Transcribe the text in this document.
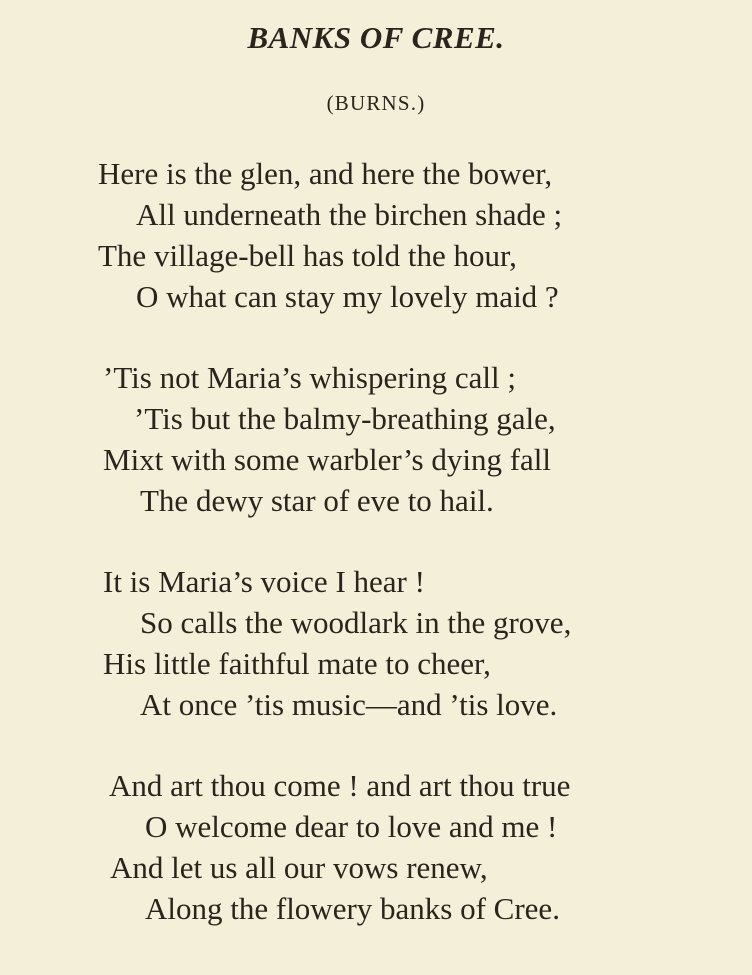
BANKS OF CREE.
(BURNS.)
Here is the glen, and here the bower,
All underneath the birchen shade ;
The village-bell has told the hour,
O what can stay my lovely maid ?
’Tis not Maria’s whispering call ;
’Tis but the balmy-breathing gale,
Mixt with some warbler’s dying fall
The dewy star of eve to hail.
It is Maria’s voice I hear !
So calls the woodlark in the grove,
His little faithful mate to cheer,
At once ’tis music—and ’tis love.
And art thou come ! and art thou true
O welcome dear to love and me !
And let us all our vows renew,
Along the flowery banks of Cree.
